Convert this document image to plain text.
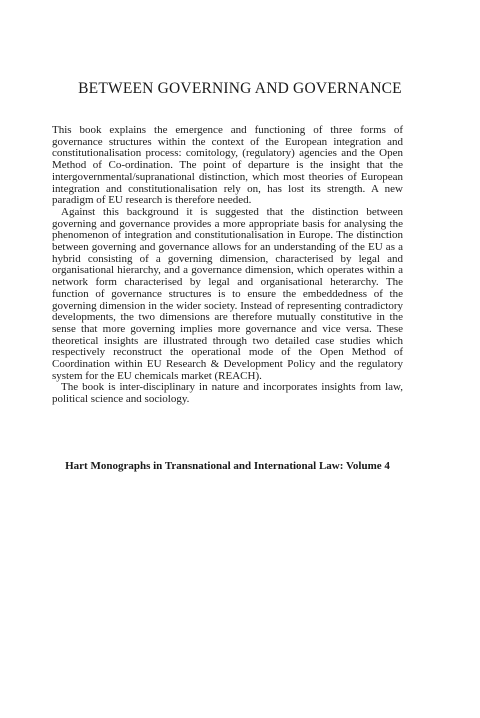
BETWEEN GOVERNING AND GOVERNANCE

This book explains the emergence and functioning of three forms of governance structures within the context of the European integration and constitutionalisation process: comitology, (regulatory) agencies and the Open Method of Co-ordination. The point of departure is the insight that the intergovernmental/supranational distinction, which most theories of European integration and constitutionalisation rely on, has lost its strength. A new paradigm of EU research is therefore needed.

Against this background it is suggested that the distinction between governing and governance provides a more appropriate basis for analysing the phenomenon of integration and constitutionalisation in Europe. The distinction between governing and governance allows for an understanding of the EU as a hybrid consisting of a governing dimension, characterised by legal and organisational hierarchy, and a governance dimension, which operates within a network form characterised by legal and organisational heterarchy. The function of governance structures is to ensure the embeddedness of the governing dimension in the wider society. Instead of representing contradictory developments, the two dimensions are therefore mutually constitutive in the sense that more governing implies more governance and vice versa. These theoretical insights are illustrated through two detailed case studies which respectively reconstruct the operational mode of the Open Method of Coordination within EU Research & Development Policy and the regulatory system for the EU chemicals market (REACH).

The book is inter-disciplinary in nature and incorporates insights from law, political science and sociology.

Hart Monographs in Transnational and International Law: Volume 4
